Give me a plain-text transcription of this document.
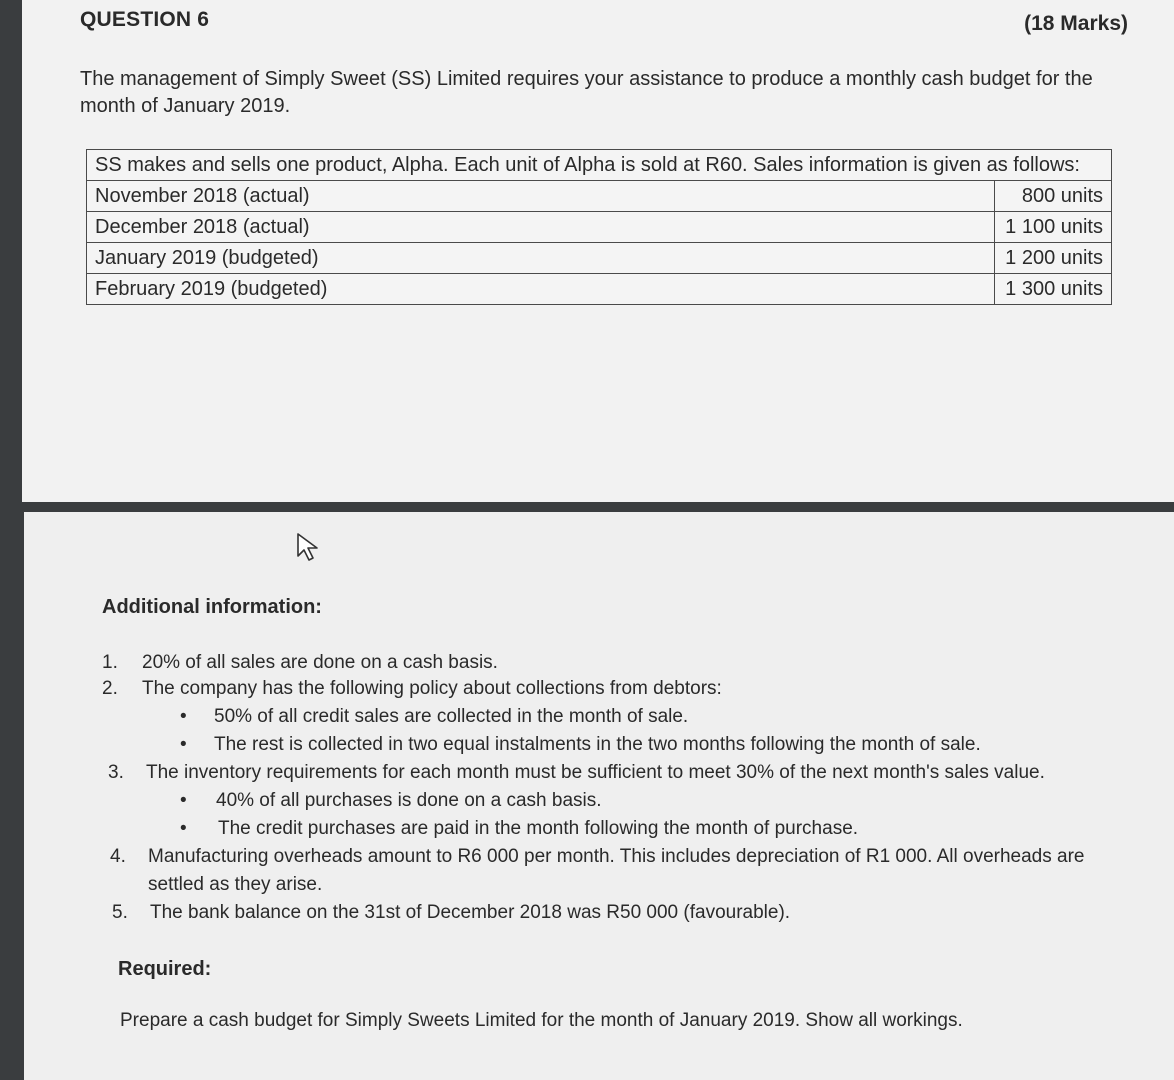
QUESTION 6	(18 Marks)
The management of Simply Sweet (SS) Limited requires your assistance to produce a monthly cash budget for the month of January 2019.
SS makes and sells one product, Alpha. Each unit of Alpha is sold at R60. Sales information is given as follows:	
November 2018 (actual)	800 units
December 2018 (actual)	1 100 units
January 2019 (budgeted)	1 200 units
February 2019 (budgeted)	1 300 units
Additional information:
1. 20% of all sales are done on a cash basis.
2. The company has the following policy about collections from debtors:
• 50% of all credit sales are collected in the month of sale.
• The rest is collected in two equal instalments in the two months following the month of sale.
3. The inventory requirements for each month must be sufficient to meet 30% of the next month's sales value.
• 40% of all purchases is done on a cash basis.
• The credit purchases are paid in the month following the month of purchase.
4. Manufacturing overheads amount to R6 000 per month. This includes depreciation of R1 000. All overheads are
settled as they arise.
5. The bank balance on the 31st of December 2018 was R50 000 (favourable).
Required:
Prepare a cash budget for Simply Sweets Limited for the month of January 2019. Show all workings.
